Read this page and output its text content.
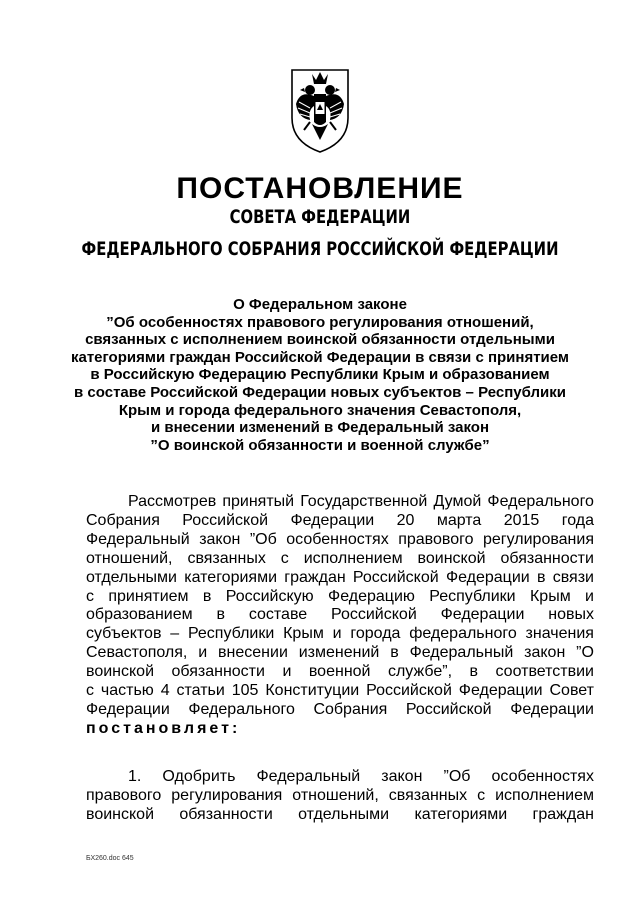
ПОСТАНОВЛЕНИЕ
СОВЕТА ФЕДЕРАЦИИ
ФЕДЕРАЛЬНОГО СОБРАНИЯ РОССИЙСКОЙ ФЕДЕРАЦИИ
О Федеральном законе
”Об особенностях правового регулирования отношений,
связанных с исполнением воинской обязанности отдельными
категориями граждан Российской Федерации в связи с принятием
в Российскую Федерацию Республики Крым и образованием
в составе Российской Федерации новых субъектов – Республики
Крым и города федерального значения Севастополя,
и внесении изменений в Федеральный закон
”О воинской обязанности и военной службе”
Рассмотрев принятый Государственной Думой Федерального
Собрания Российской Федерации 20 марта 2015 года
Федеральный закон ”Об особенностях правового регулирования
отношений, связанных с исполнением воинской обязанности
отдельными категориями граждан Российской Федерации в связи
с принятием в Российскую Федерацию Республики Крым и
образованием в составе Российской Федерации новых
субъектов – Республики Крым и города федерального значения
Севастополя, и внесении изменений в Федеральный закон ”О
воинской обязанности и военной службе”, в соответствии
с частью 4 статьи 105 Конституции Российской Федерации Совет
Федерации Федерального Собрания Российской Федерации
постановляет:
1. Одобрить Федеральный закон ”Об особенностях
правового регулирования отношений, связанных с исполнением
воинской обязанности отдельными категориями граждан
БХ260.doc 645
